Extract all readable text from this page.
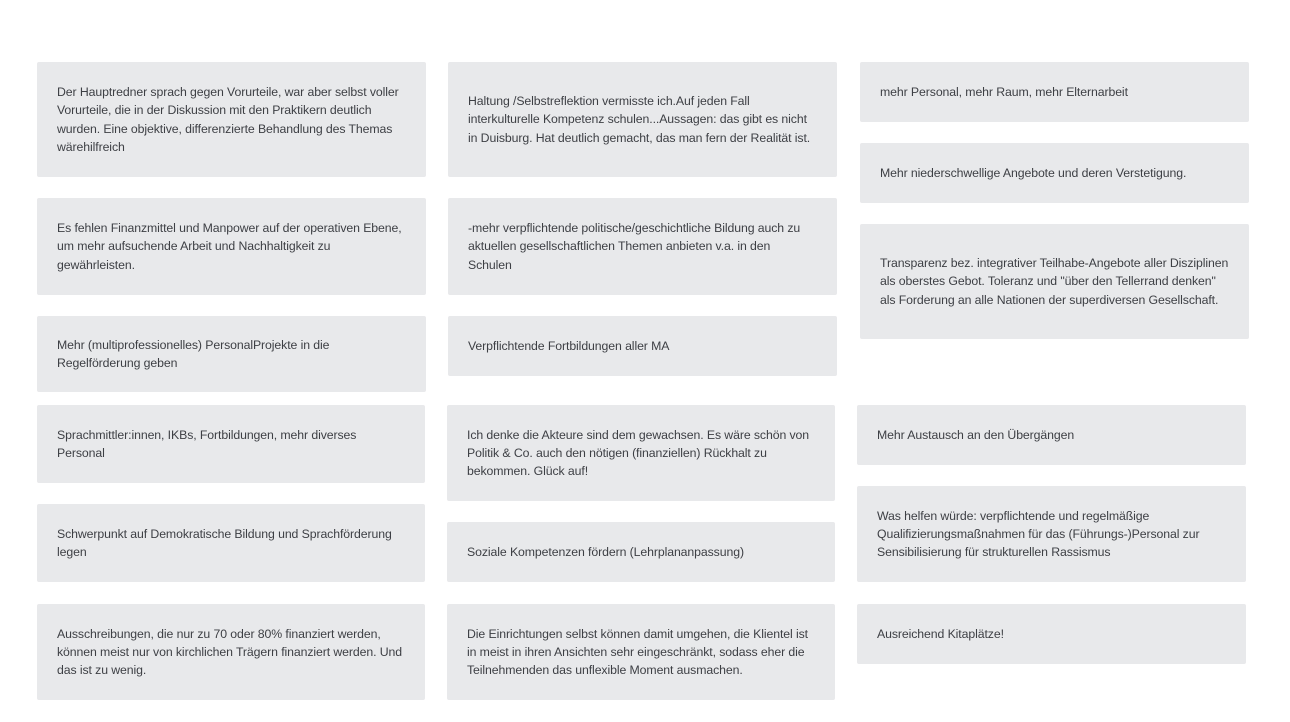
Der Hauptredner sprach gegen Vorurteile, war aber selbst voller Vorurteile, die in der Diskussion mit den Praktikern deutlich wurden. Eine objektive, differenzierte Behandlung des Themas wärehilfreich

Es fehlen Finanzmittel und Manpower auf der operativen Ebene, um mehr aufsuchende Arbeit und Nachhaltigkeit zu gewährleisten.

Mehr (multiprofessionelles) PersonalProjekte in die Regelförderung geben

Sprachmittler:innen, IKBs, Fortbildungen, mehr diverses Personal

Schwerpunkt auf Demokratische Bildung und Sprachförderung legen

Ausschreibungen, die nur zu 70 oder 80% finanziert werden, können meist nur von kirchlichen Trägern finanziert werden. Und das ist zu wenig.

Haltung /Selbstreflektion vermisste ich.Auf jeden Fall interkulturelle Kompetenz schulen...Aussagen: das gibt es nicht in Duisburg. Hat deutlich gemacht, das man fern der Realität ist.

-mehr verpflichtende politische/geschichtliche Bildung auch zu aktuellen gesellschaftlichen Themen anbieten v.a. in den Schulen

Verpflichtende Fortbildungen aller MA

Ich denke die Akteure sind dem gewachsen. Es wäre schön von Politik & Co. auch den nötigen (finanziellen) Rückhalt zu bekommen. Glück auf!

Soziale Kompetenzen fördern (Lehrplananpassung)

Die Einrichtungen selbst können damit umgehen, die Klientel ist in meist in ihren Ansichten sehr eingeschränkt, sodass eher die Teilnehmenden das unflexible Moment ausmachen.

mehr Personal, mehr Raum, mehr Elternarbeit

Mehr niederschwellige Angebote und deren Verstetigung.

Transparenz bez. integrativer Teilhabe-Angebote aller Disziplinen als oberstes Gebot. Toleranz und "über den Tellerrand denken" als Forderung an alle Nationen der superdiversen Gesellschaft.

Mehr Austausch an den Übergängen

Was helfen würde: verpflichtende und regelmäßige Qualifizierungsmaßnahmen für das (Führungs-)Personal zur Sensibilisierung für strukturellen Rassismus

Ausreichend Kitaplätze!
